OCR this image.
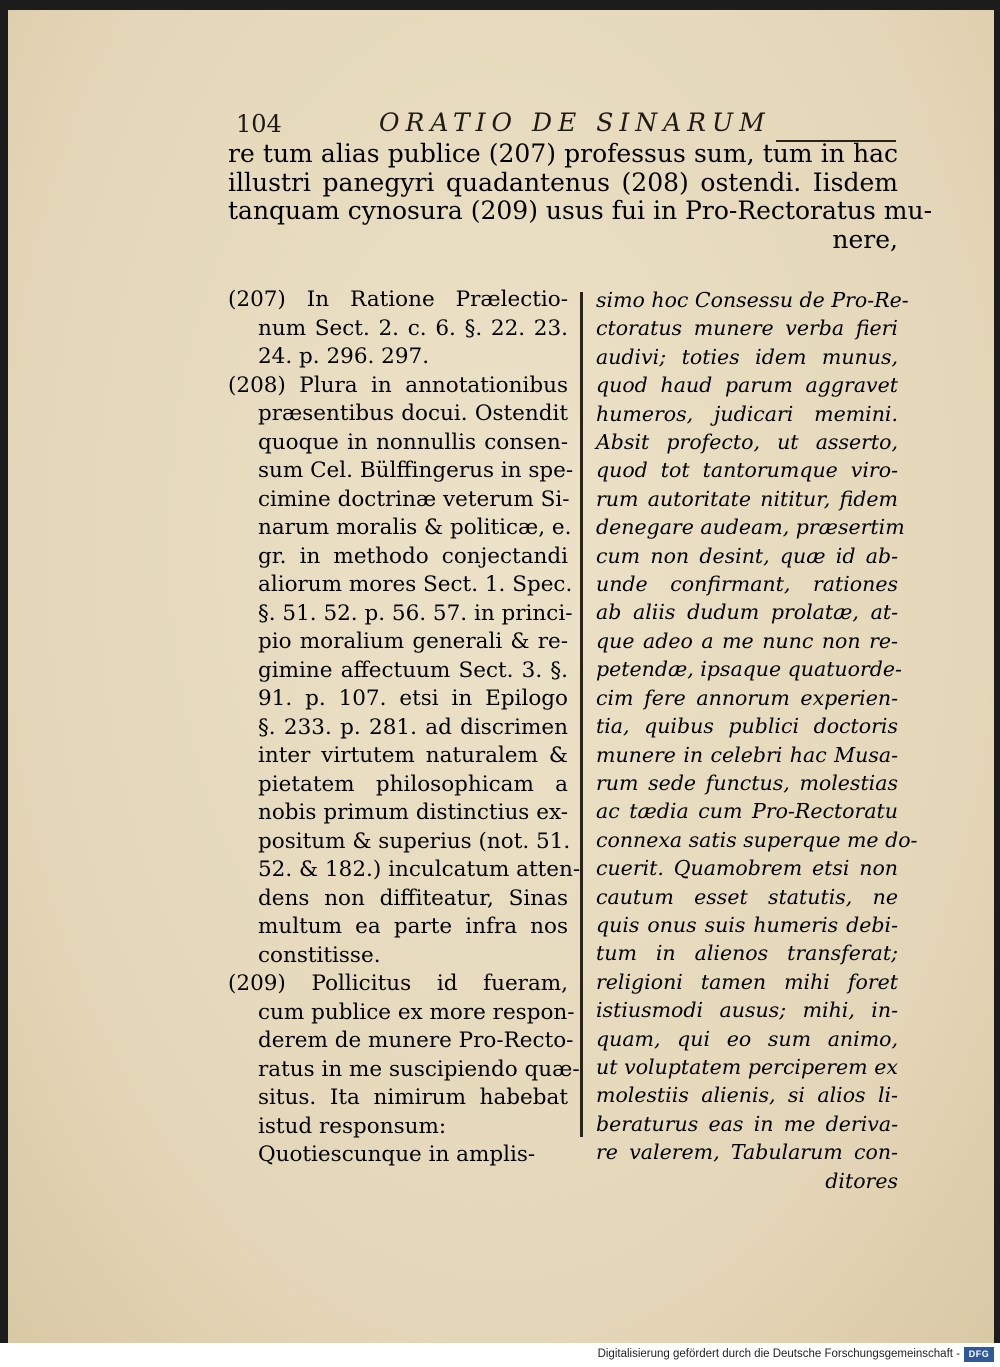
104	ORATIO DE SINARUM
re tum alias publice (207) professus sum, tum in hac
illustri panegyri quadantenus (208) ostendi. Iisdem
tanquam cynosura (209) usus fui in Pro-Rectoratus mu-
nere,
(207) In Ratione Prælectio-
num Sect. 2. c. 6. §. 22. 23.
24. p. 296. 297.
(208) Plura in annotationibus
præsentibus docui. Ostendit
quoque in nonnullis consen-
sum Cel. Bülffingerus in spe-
cimine doctrinæ veterum Si-
narum moralis & politicæ, e.
gr. in methodo conjectandi
aliorum mores Sect. 1. Spec.
§. 51. 52. p. 56. 57. in princi-
pio moralium generali & re-
gimine affectuum Sect. 3. §.
91. p. 107. etsi in Epilogo
§. 233. p. 281. ad discrimen
inter virtutem naturalem &
pietatem philosophicam a
nobis primum distinctius ex-
positum & superius (not. 51.
52. & 182.) inculcatum atten-
dens non diffiteatur, Sinas
multum ea parte infra nos
constitisse.
(209) Pollicitus id fueram,
cum publice ex more respon-
derem de munere Pro-Recto-
ratus in me suscipiendo quæ-
situs. Ita nimirum habebat
istud responsum:
Quotiescunque in amplis-
simo hoc Consessu de Pro-Re-
ctoratus munere verba fieri
audivi; toties idem munus,
quod haud parum aggravet
humeros, judicari memini.
Absit profecto, ut asserto,
quod tot tantorumque viro-
rum autoritate nititur, fidem
denegare audeam, præsertim
cum non desint, quæ id ab-
unde confirmant, rationes
ab aliis dudum prolatæ, at-
que adeo a me nunc non re-
petendæ, ipsaque quatuorde-
cim fere annorum experien-
tia, quibus publici doctoris
munere in celebri hac Musa-
rum sede functus, molestias
ac tædia cum Pro-Rectoratu
connexa satis superque me do-
cuerit. Quamobrem etsi non
cautum esset statutis, ne
quis onus suis humeris debi-
tum in alienos transferat;
religioni tamen mihi foret
istiusmodi ausus; mihi, in-
quam, qui eo sum animo,
ut voluptatem perciperem ex
molestiis alienis, si alios li-
beraturus eas in me deriva-
re valerem, Tabularum con-
ditores
Digitalisierung gefördert durch die Deutsche Forschungsgemeinschaft - DFG
